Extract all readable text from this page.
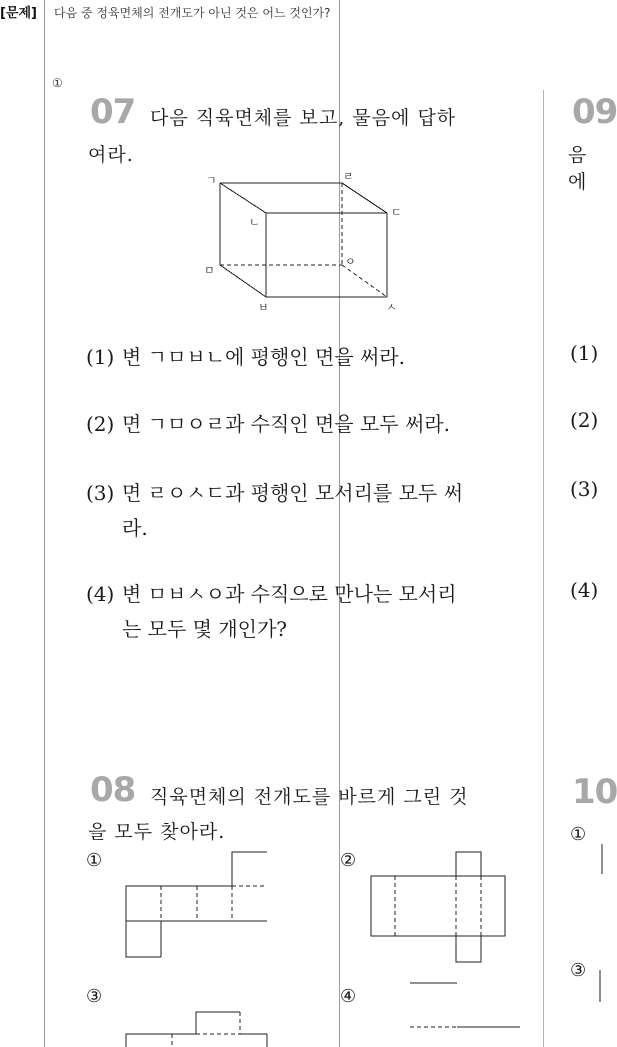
[문제] 다음 중 정육면체의 전개도가 아닌 것은 어느 것인가?
①
07 다음 직육면체를 보고, 물음에 답하
여라.
ㄱ	ㄹ
ㄷ
ㄴ
ㅁ
ㅇ
ㅂ	ㅅ
(1) 변 ㄱㅁㅂㄴ에 평행인 면을 써라.
(2) 면 ㄱㅁㅇㄹ과 수직인 면을 모두 써라.
(3) 면 ㄹㅇㅅㄷ과 평행인 모서리를 모두 써
라.
(4) 변 ㅁㅂㅅㅇ과 수직으로 만나는 모서리
는 모두 몇 개인가?
08 직육면체의 전개도를 바르게 그린 것
을 모두 찾아라.
①	②
③	④
09
음에
(1)
(2)
(3)
(4)
10
①
③
